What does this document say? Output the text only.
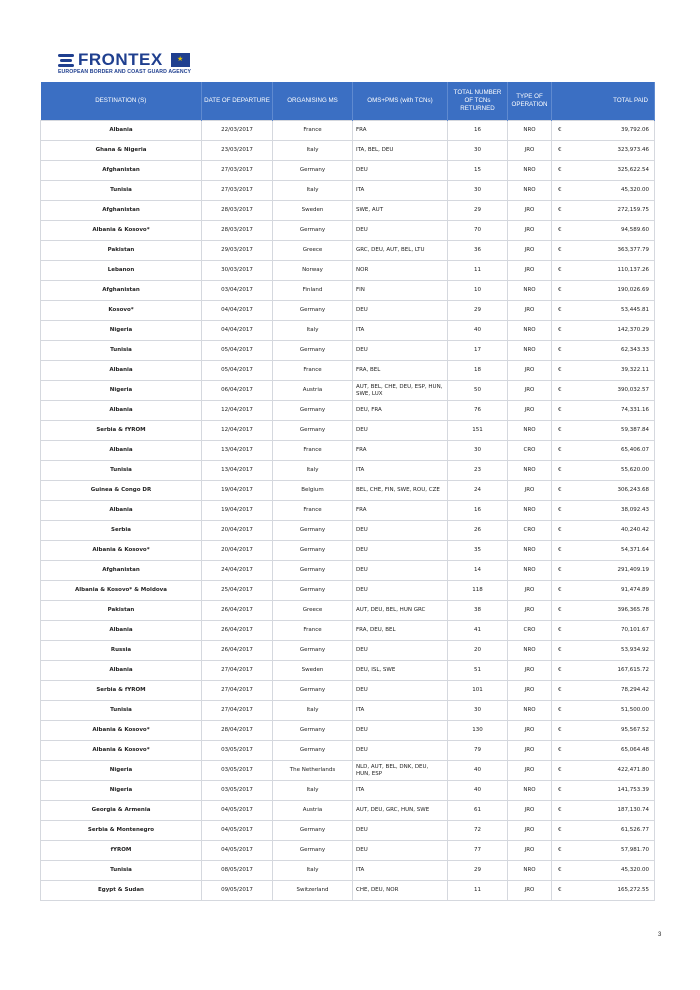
FRONTEX
★
EUROPEAN BORDER AND COAST GUARD AGENCY
DESTINATION (S)	DATE OF DEPARTURE	ORGANISING MS	OMS+PMS (with TCNs)	TOTAL NUMBER OF TCNs RETURNED	TYPE OF OPERATION	TOTAL PAID	
Albania	22/03/2017	France	FRA	16	NRO	€	39,792.06
Ghana & Nigeria	23/03/2017	Italy	ITA, BEL, DEU	30	JRO	€	323,973.46
Afghanistan	27/03/2017	Germany	DEU	15	NRO	€	325,622.54
Tunisia	27/03/2017	Italy	ITA	30	NRO	€	45,320.00
Afghanistan	28/03/2017	Sweden	SWE, AUT	29	JRO	€	272,159.75
Albania & Kosovo*	28/03/2017	Germany	DEU	70	JRO	€	94,589.60
Pakistan	29/03/2017	Greece	GRC, DEU, AUT, BEL, LTU	36	JRO	€	363,377.79
Lebanon	30/03/2017	Norway	NOR	11	JRO	€	110,137.26
Afghanistan	03/04/2017	Finland	FIN	10	NRO	€	190,026.69
Kosovo*	04/04/2017	Germany	DEU	29	JRO	€	53,445.81
Nigeria	04/04/2017	Italy	ITA	40	NRO	€	142,370.29
Tunisia	05/04/2017	Germany	DEU	17	NRO	€	62,343.33
Albania	05/04/2017	France	FRA, BEL	18	JRO	€	39,322.11
Nigeria	06/04/2017	Austria	AUT, BEL, CHE, DEU, ESP, HUN, SWE, LUX	50	JRO	€	390,032.57
Albania	12/04/2017	Germany	DEU, FRA	76	JRO	€	74,331.16
Serbia & fYROM	12/04/2017	Germany	DEU	151	NRO	€	59,387.84
Albania	13/04/2017	France	FRA	30	CRO	€	65,406.07
Tunisia	13/04/2017	Italy	ITA	23	NRO	€	55,620.00
Guinea & Congo DR	19/04/2017	Belgium	BEL, CHE, FIN, SWE, ROU, CZE	24	JRO	€	306,243.68
Albania	19/04/2017	France	FRA	16	NRO	€	38,092.43
Serbia	20/04/2017	Germany	DEU	26	CRO	€	40,240.42
Albania & Kosovo*	20/04/2017	Germany	DEU	35	NRO	€	54,371.64
Afghanistan	24/04/2017	Germany	DEU	14	NRO	€	291,409.19
Albania & Kosovo* & Moldova	25/04/2017	Germany	DEU	118	JRO	€	91,474.89
Pakistan	26/04/2017	Greece	AUT, DEU, BEL, HUN GRC	38	JRO	€	396,365.78
Albania	26/04/2017	France	FRA, DEU, BEL	41	CRO	€	70,101.67
Russia	26/04/2017	Germany	DEU	20	NRO	€	53,934.92
Albania	27/04/2017	Sweden	DEU, ISL, SWE	51	JRO	€	167,615.72
Serbia & fYROM	27/04/2017	Germany	DEU	101	JRO	€	78,294.42
Tunisia	27/04/2017	Italy	ITA	30	NRO	€	51,500.00
Albania & Kosovo*	28/04/2017	Germany	DEU	130	JRO	€	95,567.52
Albania & Kosovo*	03/05/2017	Germany	DEU	79	JRO	€	65,064.48
Nigeria	03/05/2017	The Netherlands	NLD, AUT, BEL, DNK, DEU, HUN, ESP	40	JRO	€	422,471.80
Nigeria	03/05/2017	Italy	ITA	40	NRO	€	141,753.39
Georgia & Armenia	04/05/2017	Austria	AUT, DEU, GRC, HUN, SWE	61	JRO	€	187,130.74
Serbia & Montenegro	04/05/2017	Germany	DEU	72	JRO	€	61,526.77
fYROM	04/05/2017	Germany	DEU	77	JRO	€	57,981.70
Tunisia	08/05/2017	Italy	ITA	29	NRO	€	45,320.00
Egypt & Sudan	09/05/2017	Switzerland	CHE, DEU, NOR	11	JRO	€	165,272.55
3
